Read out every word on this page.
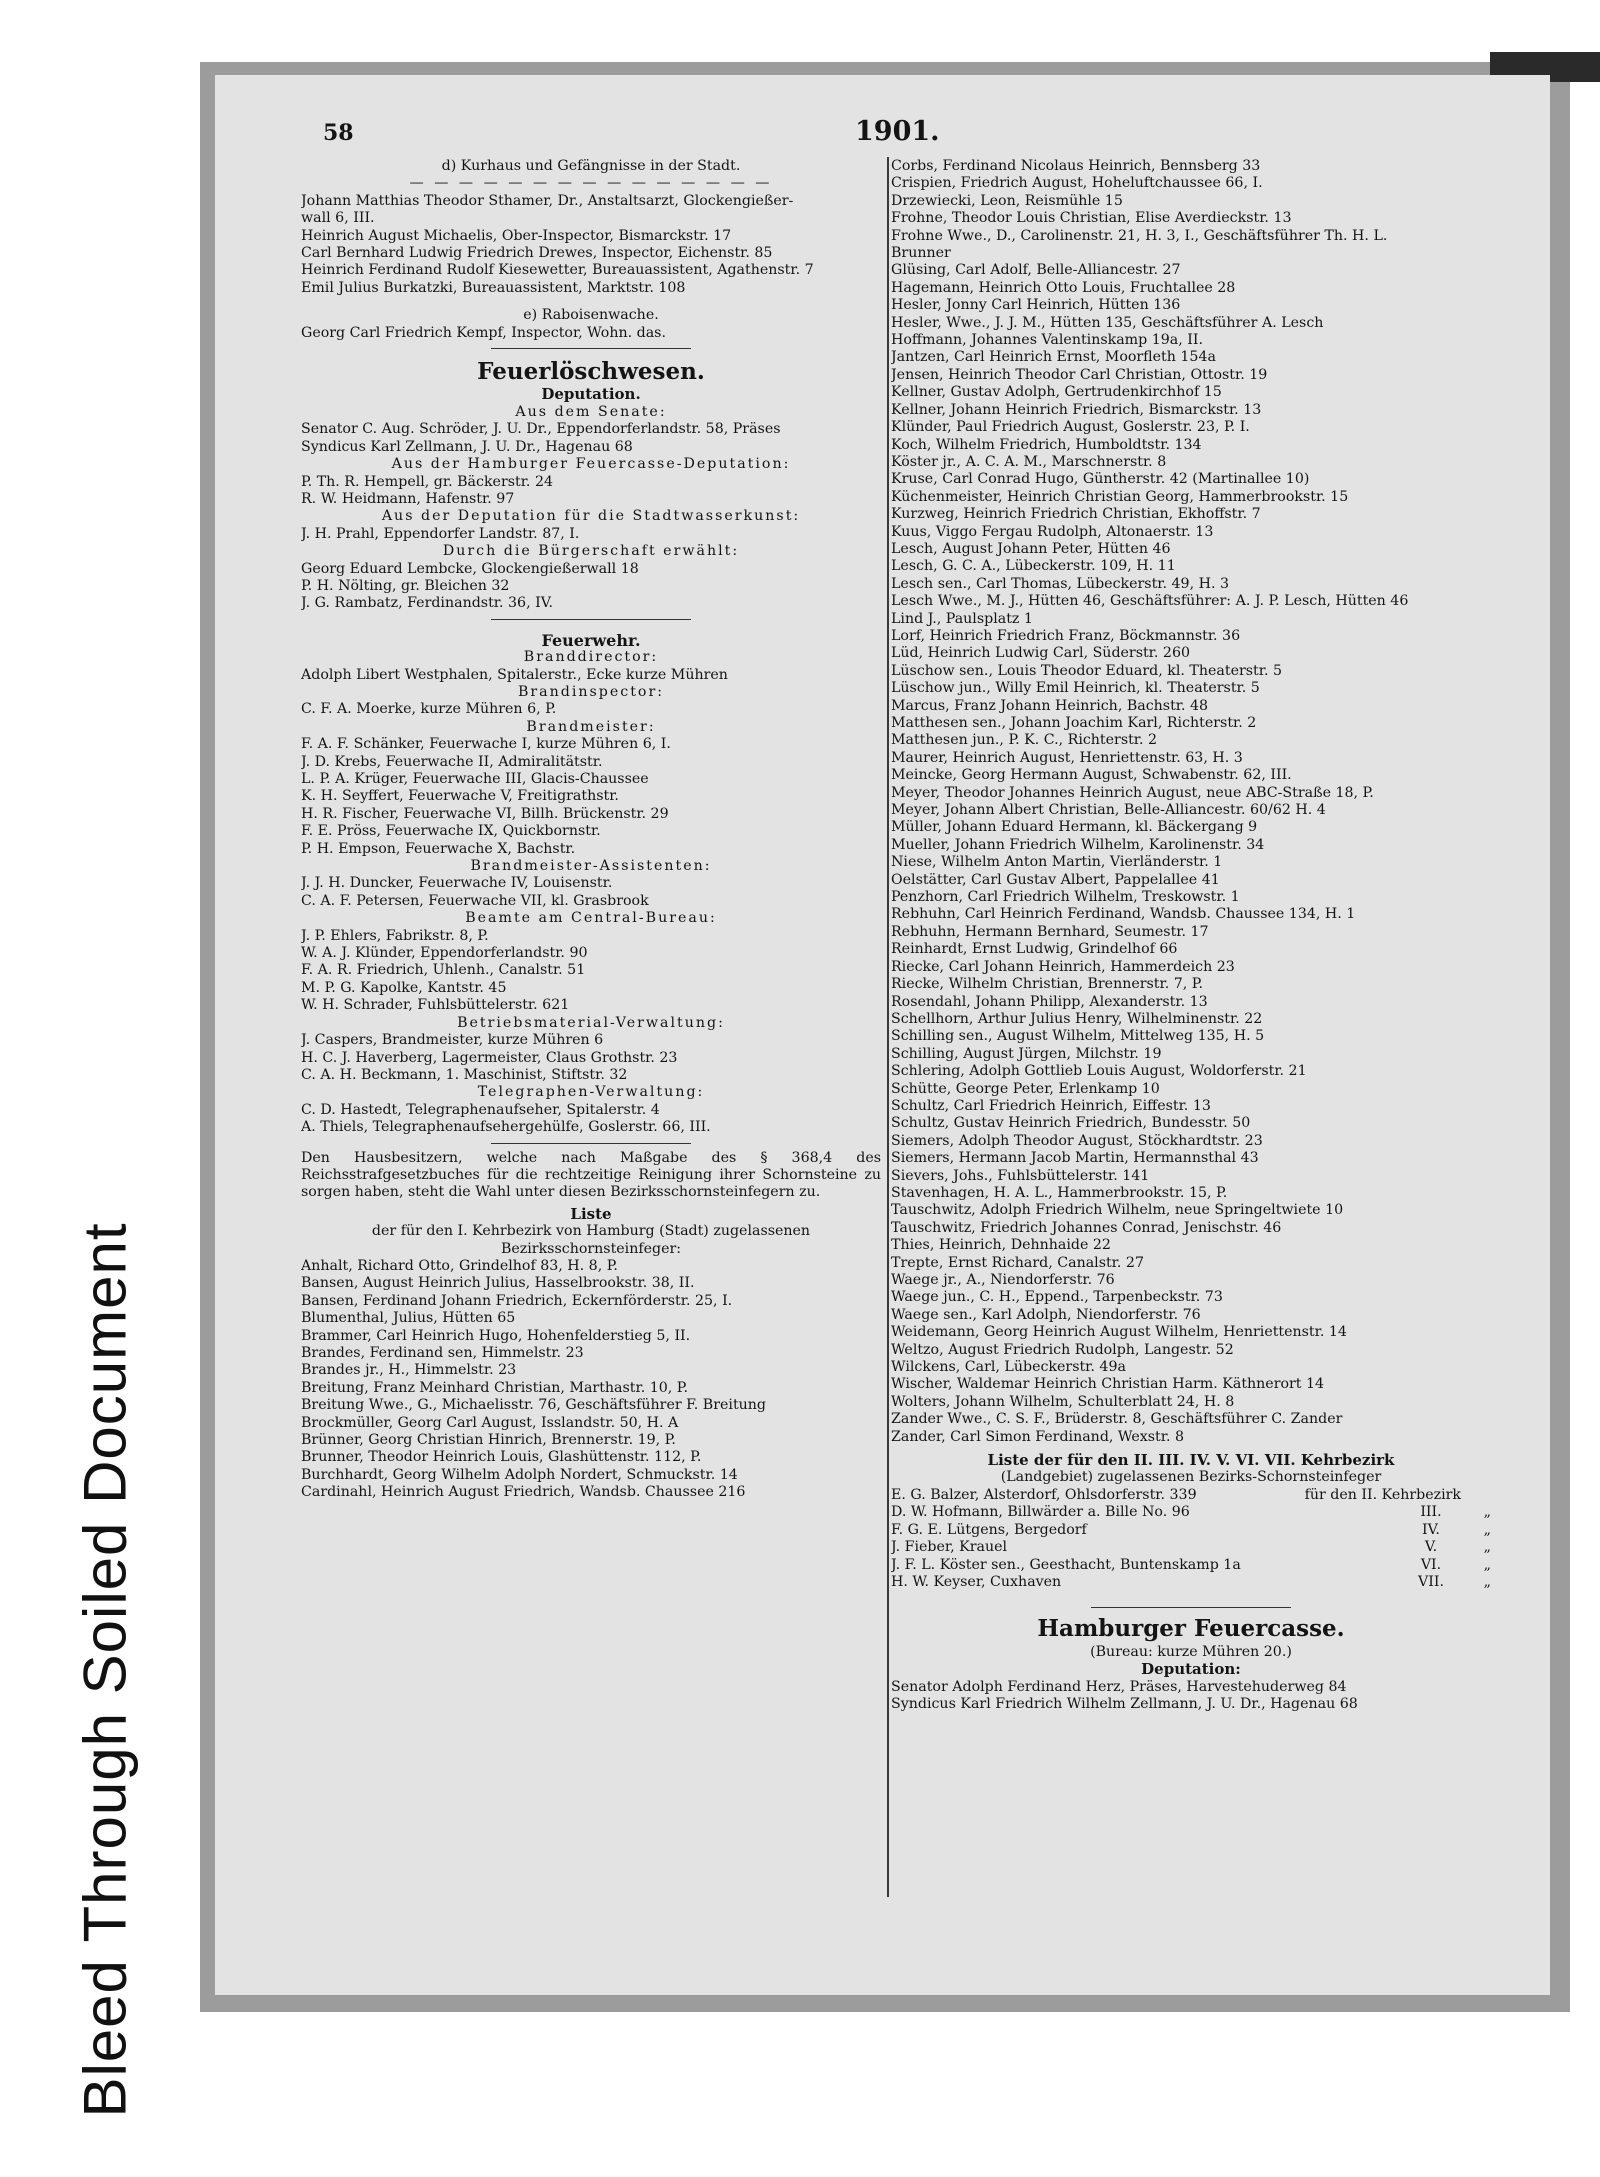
Bleed Through Soiled Document
58	1901.
d) Kurhaus und Gefängnisse in der Stadt.
— — — — — — — — — — — — — — —
Johann Matthias Theodor Sthamer, Dr., Anstaltsarzt, Glockengießer-
wall 6, III.
Heinrich August Michaelis, Ober-Inspector, Bismarckstr. 17
Carl Bernhard Ludwig Friedrich Drewes, Inspector, Eichenstr. 85
Heinrich Ferdinand Rudolf Kiesewetter, Bureauassistent, Agathenstr. 7
Emil Julius Burkatzki, Bureauassistent, Marktstr. 108
e) Raboisenwache.
Georg Carl Friedrich Kempf, Inspector, Wohn. das.
Feuerlöschwesen.
Deputation.
Aus dem Senate:
Senator C. Aug. Schröder, J. U. Dr., Eppendorferlandstr. 58, Präses
Syndicus Karl Zellmann, J. U. Dr., Hagenau 68
Aus der Hamburger Feuercasse-Deputation:
P. Th. R. Hempell, gr. Bäckerstr. 24
R. W. Heidmann, Hafenstr. 97
Aus der Deputation für die Stadtwasserkunst:
J. H. Prahl, Eppendorfer Landstr. 87, I.
Durch die Bürgerschaft erwählt:
Georg Eduard Lembcke, Glockengießerwall 18
P. H. Nölting, gr. Bleichen 32
J. G. Rambatz, Ferdinandstr. 36, IV.
Feuerwehr.
Branddirector:
Adolph Libert Westphalen, Spitalerstr., Ecke kurze Mühren
Brandinspector:
C. F. A. Moerke, kurze Mühren 6, P.
Brandmeister:
F. A. F. Schänker, Feuerwache I, kurze Mühren 6, I.
J. D. Krebs, Feuerwache II, Admiralitätstr.
L. P. A. Krüger, Feuerwache III, Glacis-Chaussee
K. H. Seyffert, Feuerwache V, Freitigrathstr.
H. R. Fischer, Feuerwache VI, Billh. Brückenstr. 29
F. E. Pröss, Feuerwache IX, Quickbornstr.
P. H. Empson, Feuerwache X, Bachstr.
Brandmeister-Assistenten:
J. J. H. Duncker, Feuerwache IV, Louisenstr.
C. A. F. Petersen, Feuerwache VII, kl. Grasbrook
Beamte am Central-Bureau:
J. P. Ehlers, Fabrikstr. 8, P.
W. A. J. Klünder, Eppendorferlandstr. 90
F. A. R. Friedrich, Uhlenh., Canalstr. 51
M. P. G. Kapolke, Kantstr. 45
W. H. Schrader, Fuhlsbüttelerstr. 621
Betriebsmaterial-Verwaltung:
J. Caspers, Brandmeister, kurze Mühren 6
H. C. J. Haverberg, Lagermeister, Claus Grothstr. 23
C. A. H. Beckmann, 1. Maschinist, Stiftstr. 32
Telegraphen-Verwaltung:
C. D. Hastedt, Telegraphenaufseher, Spitalerstr. 4
A. Thiels, Telegraphenaufsehergehülfe, Goslerstr. 66, III.
Den Hausbesitzern, welche nach Maßgabe des § 368,4 des Reichsstrafgesetzbuches für die rechtzeitige Reinigung ihrer Schornsteine zu sorgen haben, steht die Wahl unter diesen Bezirksschornsteinfegern zu.
Liste
der für den I. Kehrbezirk von Hamburg (Stadt) zugelassenen
Bezirksschornsteinfeger:
Anhalt, Richard Otto, Grindelhof 83, H. 8, P.
Bansen, August Heinrich Julius, Hasselbrookstr. 38, II.
Bansen, Ferdinand Johann Friedrich, Eckernförderstr. 25, I.
Blumenthal, Julius, Hütten 65
Brammer, Carl Heinrich Hugo, Hohenfelderstieg 5, II.
Brandes, Ferdinand sen, Himmelstr. 23
Brandes jr., H., Himmelstr. 23
Breitung, Franz Meinhard Christian, Marthastr. 10, P.
Breitung Wwe., G., Michaelisstr. 76, Geschäftsführer F. Breitung
Brockmüller, Georg Carl August, Isslandstr. 50, H. A
Brünner, Georg Christian Hinrich, Brennerstr. 19, P.
Brunner, Theodor Heinrich Louis, Glashüttenstr. 112, P.
Burchhardt, Georg Wilhelm Adolph Nordert, Schmuckstr. 14
Cardinahl, Heinrich August Friedrich, Wandsb. Chaussee 216
Corbs, Ferdinand Nicolaus Heinrich, Bennsberg 33
Crispien, Friedrich August, Hoheluftchaussee 66, I.
Drzewiecki, Leon, Reismühle 15
Frohne, Theodor Louis Christian, Elise Averdieckstr. 13
Frohne Wwe., D., Carolinenstr. 21, H. 3, I., Geschäftsführer Th. H. L.
Brunner
Glüsing, Carl Adolf, Belle-Alliancestr. 27
Hagemann, Heinrich Otto Louis, Fruchtallee 28
Hesler, Jonny Carl Heinrich, Hütten 136
Hesler, Wwe., J. J. M., Hütten 135, Geschäftsführer A. Lesch
Hoffmann, Johannes Valentinskamp 19a, II.
Jantzen, Carl Heinrich Ernst, Moorfleth 154a
Jensen, Heinrich Theodor Carl Christian, Ottostr. 19
Kellner, Gustav Adolph, Gertrudenkirchhof 15
Kellner, Johann Heinrich Friedrich, Bismarckstr. 13
Klünder, Paul Friedrich August, Goslerstr. 23, P. I.
Koch, Wilhelm Friedrich, Humboldtstr. 134
Köster jr., A. C. A. M., Marschnerstr. 8
Kruse, Carl Conrad Hugo, Güntherstr. 42 (Martinallee 10)
Küchenmeister, Heinrich Christian Georg, Hammerbrookstr. 15
Kurzweg, Heinrich Friedrich Christian, Ekhoffstr. 7
Kuus, Viggo Fergau Rudolph, Altonaerstr. 13
Lesch, August Johann Peter, Hütten 46
Lesch, G. C. A., Lübeckerstr. 109, H. 11
Lesch sen., Carl Thomas, Lübeckerstr. 49, H. 3
Lesch Wwe., M. J., Hütten 46, Geschäftsführer: A. J. P. Lesch, Hütten 46
Lind J., Paulsplatz 1
Lorf, Heinrich Friedrich Franz, Böckmannstr. 36
Lüd, Heinrich Ludwig Carl, Süderstr. 260
Lüschow sen., Louis Theodor Eduard, kl. Theaterstr. 5
Lüschow jun., Willy Emil Heinrich, kl. Theaterstr. 5
Marcus, Franz Johann Heinrich, Bachstr. 48
Matthesen sen., Johann Joachim Karl, Richterstr. 2
Matthesen jun., P. K. C., Richterstr. 2
Maurer, Heinrich August, Henriettenstr. 63, H. 3
Meincke, Georg Hermann August, Schwabenstr. 62, III.
Meyer, Theodor Johannes Heinrich August, neue ABC-Straße 18, P.
Meyer, Johann Albert Christian, Belle-Alliancestr. 60/62 H. 4
Müller, Johann Eduard Hermann, kl. Bäckergang 9
Mueller, Johann Friedrich Wilhelm, Karolinenstr. 34
Niese, Wilhelm Anton Martin, Vierländerstr. 1
Oelstätter, Carl Gustav Albert, Pappelallee 41
Penzhorn, Carl Friedrich Wilhelm, Treskowstr. 1
Rebhuhn, Carl Heinrich Ferdinand, Wandsb. Chaussee 134, H. 1
Rebhuhn, Hermann Bernhard, Seumestr. 17
Reinhardt, Ernst Ludwig, Grindelhof 66
Riecke, Carl Johann Heinrich, Hammerdeich 23
Riecke, Wilhelm Christian, Brennerstr. 7, P.
Rosendahl, Johann Philipp, Alexanderstr. 13
Schellhorn, Arthur Julius Henry, Wilhelminenstr. 22
Schilling sen., August Wilhelm, Mittelweg 135, H. 5
Schilling, August Jürgen, Milchstr. 19
Schlering, Adolph Gottlieb Louis August, Woldorferstr. 21
Schütte, George Peter, Erlenkamp 10
Schultz, Carl Friedrich Heinrich, Eiffestr. 13
Schultz, Gustav Heinrich Friedrich, Bundesstr. 50
Siemers, Adolph Theodor August, Stöckhardtstr. 23
Siemers, Hermann Jacob Martin, Hermannsthal 43
Sievers, Johs., Fuhlsbüttelerstr. 141
Stavenhagen, H. A. L., Hammerbrookstr. 15, P.
Tauschwitz, Adolph Friedrich Wilhelm, neue Springeltwiete 10
Tauschwitz, Friedrich Johannes Conrad, Jenischstr. 46
Thies, Heinrich, Dehnhaide 22
Trepte, Ernst Richard, Canalstr. 27
Waege jr., A., Niendorferstr. 76
Waege jun., C. H., Eppend., Tarpenbeckstr. 73
Waege sen., Karl Adolph, Niendorferstr. 76
Weidemann, Georg Heinrich August Wilhelm, Henriettenstr. 14
Weltzo, August Friedrich Rudolph, Langestr. 52
Wilckens, Carl, Lübeckerstr. 49a
Wischer, Waldemar Heinrich Christian Harm. Käthnerort 14
Wolters, Johann Wilhelm, Schulterblatt 24, H. 8
Zander Wwe., C. S. F., Brüderstr. 8, Geschäftsführer C. Zander
Zander, Carl Simon Ferdinand, Wexstr. 8
Liste der für den II. III. IV. V. VI. VII. Kehrbezirk
(Landgebiet) zugelassenen Bezirks-Schornsteinfeger
E. G. Balzer, Alsterdorf, Ohlsdorferstr. 339	für den II. Kehrbezirk
D. W. Hofmann, Billwärder a. Bille No. 96	III.	„
F. G. E. Lütgens, Bergedorf	IV.	„
J. Fieber, Krauel	V.	„
J. F. L. Köster sen., Geesthacht, Buntenskamp 1a	VI.	„
H. W. Keyser, Cuxhaven	VII.	„
Hamburger Feuercasse.
(Bureau: kurze Mühren 20.)
Deputation:
Senator Adolph Ferdinand Herz, Präses, Harvestehuderweg 84
Syndicus Karl Friedrich Wilhelm Zellmann, J. U. Dr., Hagenau 68
